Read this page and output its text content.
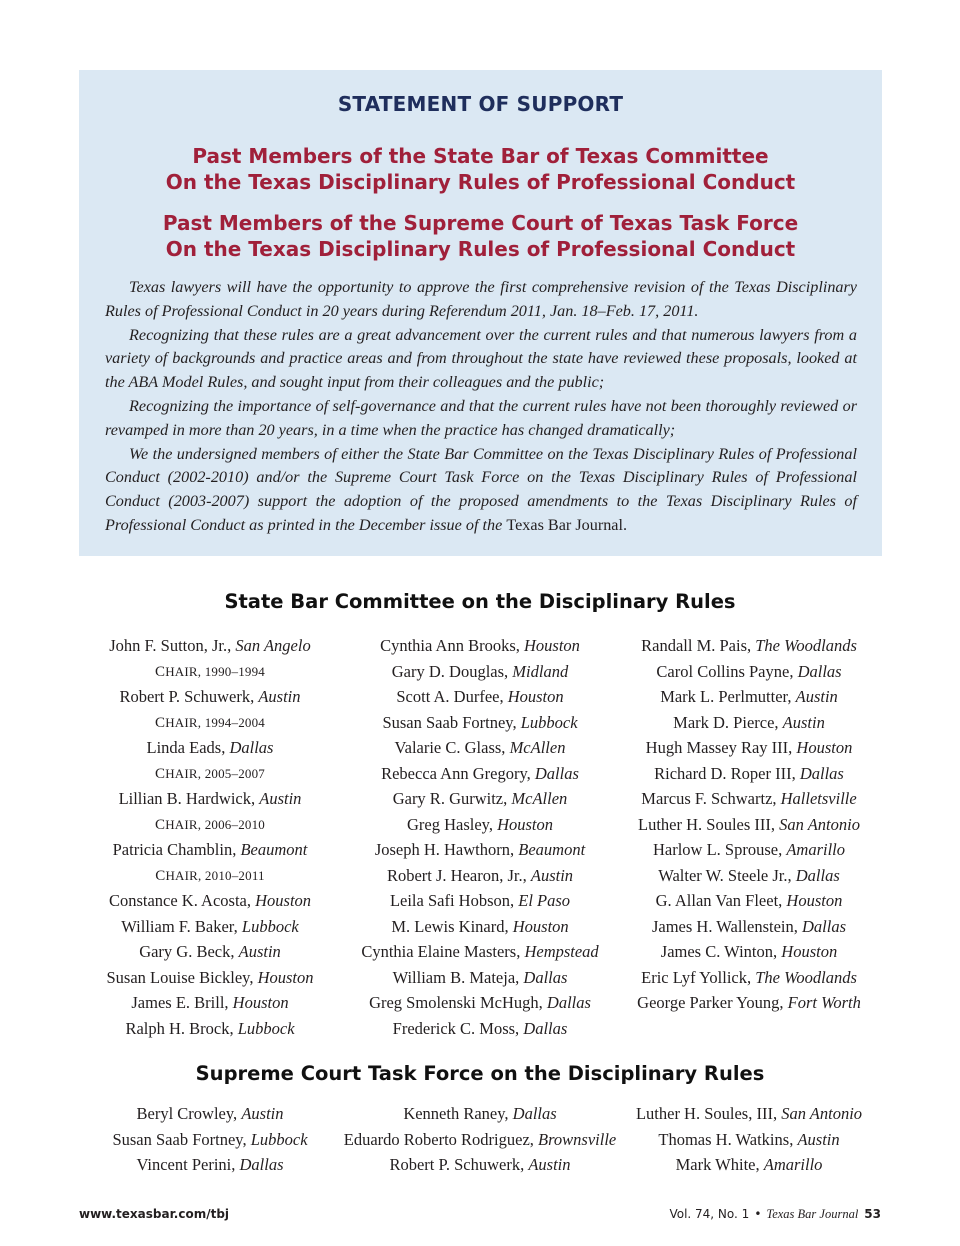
STATEMENT OF SUPPORT
Past Members of the State Bar of Texas Committee
On the Texas Disciplinary Rules of Professional Conduct
Past Members of the Supreme Court of Texas Task Force
On the Texas Disciplinary Rules of Professional Conduct

Texas lawyers will have the opportunity to approve the first comprehensive revision of the Texas Disciplinary Rules of Professional Conduct in 20 years during Referendum 2011, Jan. 18–Feb. 17, 2011.

Recognizing that these rules are a great advancement over the current rules and that numerous lawyers from a variety of backgrounds and practice areas and from throughout the state have reviewed these proposals, looked at the ABA Model Rules, and sought input from their colleagues and the public;

Recognizing the importance of self-governance and that the current rules have not been thoroughly reviewed or revamped in more than 20 years, in a time when the practice has changed dramatically;

We the undersigned members of either the State Bar Committee on the Texas Disciplinary Rules of Professional Conduct (2002-2010) and/or the Supreme Court Task Force on the Texas Disciplinary Rules of Professional Conduct (2003-2007) support the adoption of the proposed amendments to the Texas Disciplinary Rules of Professional Conduct as printed in the December issue of the Texas Bar Journal.

State Bar Committee on the Disciplinary Rules
John F. Sutton, Jr., San Angelo
CHAIR, 1990–1994
Robert P. Schuwerk, Austin
CHAIR, 1994–2004
Linda Eads, Dallas
CHAIR, 2005–2007
Lillian B. Hardwick, Austin
CHAIR, 2006–2010
Patricia Chamblin, Beaumont
CHAIR, 2010–2011
Constance K. Acosta, Houston
William F. Baker, Lubbock
Gary G. Beck, Austin
Susan Louise Bickley, Houston
James E. Brill, Houston
Ralph H. Brock, Lubbock
Cynthia Ann Brooks, Houston
Gary D. Douglas, Midland
Scott A. Durfee, Houston
Susan Saab Fortney, Lubbock
Valarie C. Glass, McAllen
Rebecca Ann Gregory, Dallas
Gary R. Gurwitz, McAllen
Greg Hasley, Houston
Joseph H. Hawthorn, Beaumont
Robert J. Hearon, Jr., Austin
Leila Safi Hobson, El Paso
M. Lewis Kinard, Houston
Cynthia Elaine Masters, Hempstead
William B. Mateja, Dallas
Greg Smolenski McHugh, Dallas
Frederick C. Moss, Dallas
Randall M. Pais, The Woodlands
Carol Collins Payne, Dallas
Mark L. Perlmutter, Austin
Mark D. Pierce, Austin
Hugh Massey Ray III, Houston
Richard D. Roper III, Dallas
Marcus F. Schwartz, Halletsville
Luther H. Soules III, San Antonio
Harlow L. Sprouse, Amarillo
Walter W. Steele Jr., Dallas
G. Allan Van Fleet, Houston
James H. Wallenstein, Dallas
James C. Winton, Houston
Eric Lyf Yollick, The Woodlands
George Parker Young, Fort Worth
Supreme Court Task Force on the Disciplinary Rules
Beryl Crowley, Austin
Susan Saab Fortney, Lubbock
Vincent Perini, Dallas
Kenneth Raney, Dallas
Eduardo Roberto Rodriguez, Brownsville
Robert P. Schuwerk, Austin
Luther H. Soules, III, San Antonio
Thomas H. Watkins, Austin
Mark White, Amarillo
www.texasbar.com/tbj	Vol. 74, No. 1 • Texas Bar Journal 53
